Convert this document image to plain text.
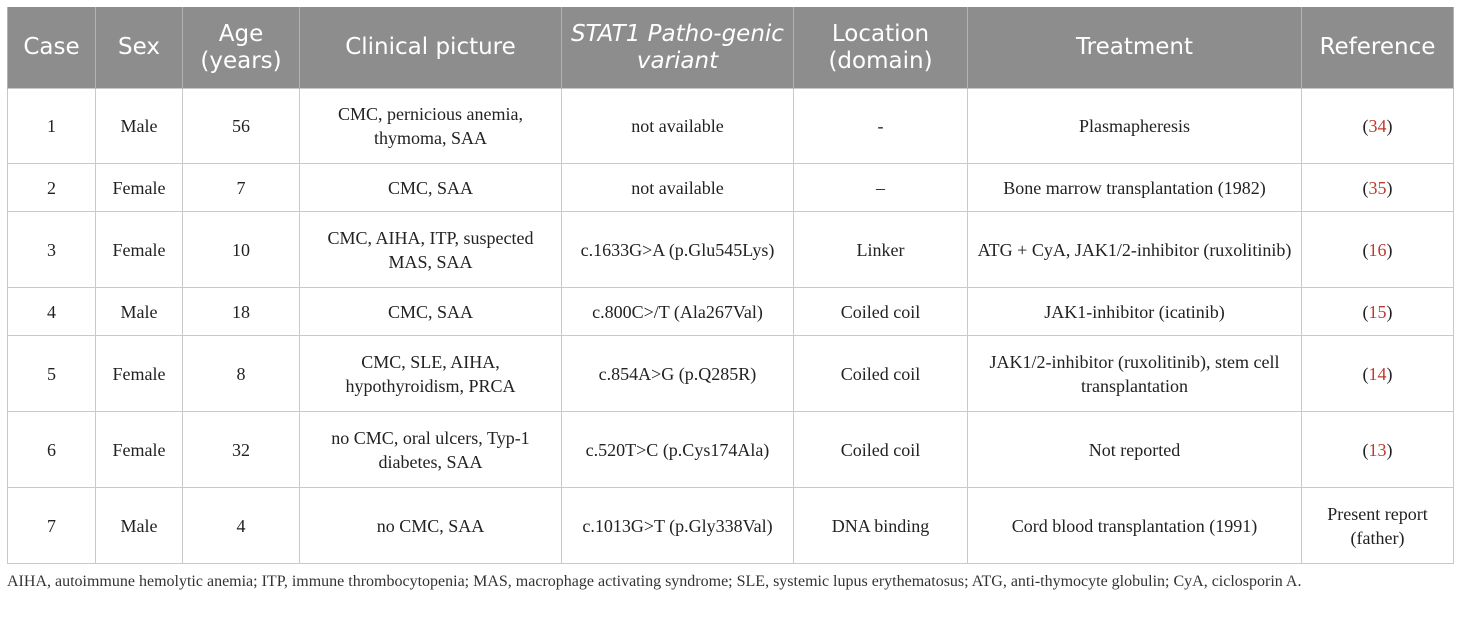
Case	Sex	Age (years)	Clinical picture	STAT1 Patho-genic variant	Location (domain)	Treatment	Reference
1	Male	56	CMC, pernicious anemia, thymoma, SAA	not available	-	Plasmapheresis	(34)
2	Female	7	CMC, SAA	not available	–	Bone marrow transplantation (1982)	(35)
3	Female	10	CMC, AIHA, ITP, suspected MAS, SAA	c.1633G>A (p.Glu545Lys)	Linker	ATG + CyA, JAK1/2-inhibitor (ruxolitinib)	(16)
4	Male	18	CMC, SAA	c.800C>/T (Ala267Val)	Coiled coil	JAK1-inhibitor (icatinib)	(15)
5	Female	8	CMC, SLE, AIHA, hypothyroidism, PRCA	c.854A>G (p.Q285R)	Coiled coil	JAK1/2-inhibitor (ruxolitinib), stem cell transplantation	(14)
6	Female	32	no CMC, oral ulcers, Typ-1 diabetes, SAA	c.520T>C (p.Cys174Ala)	Coiled coil	Not reported	(13)
7	Male	4	no CMC, SAA	c.1013G>T (p.Gly338Val)	DNA binding	Cord blood transplantation (1991)	Present report (father)
AIHA, autoimmune hemolytic anemia; ITP, immune thrombocytopenia; MAS, macrophage activating syndrome; SLE, systemic lupus erythematosus; ATG, anti-thymocyte globulin; CyA, ciclosporin A.
